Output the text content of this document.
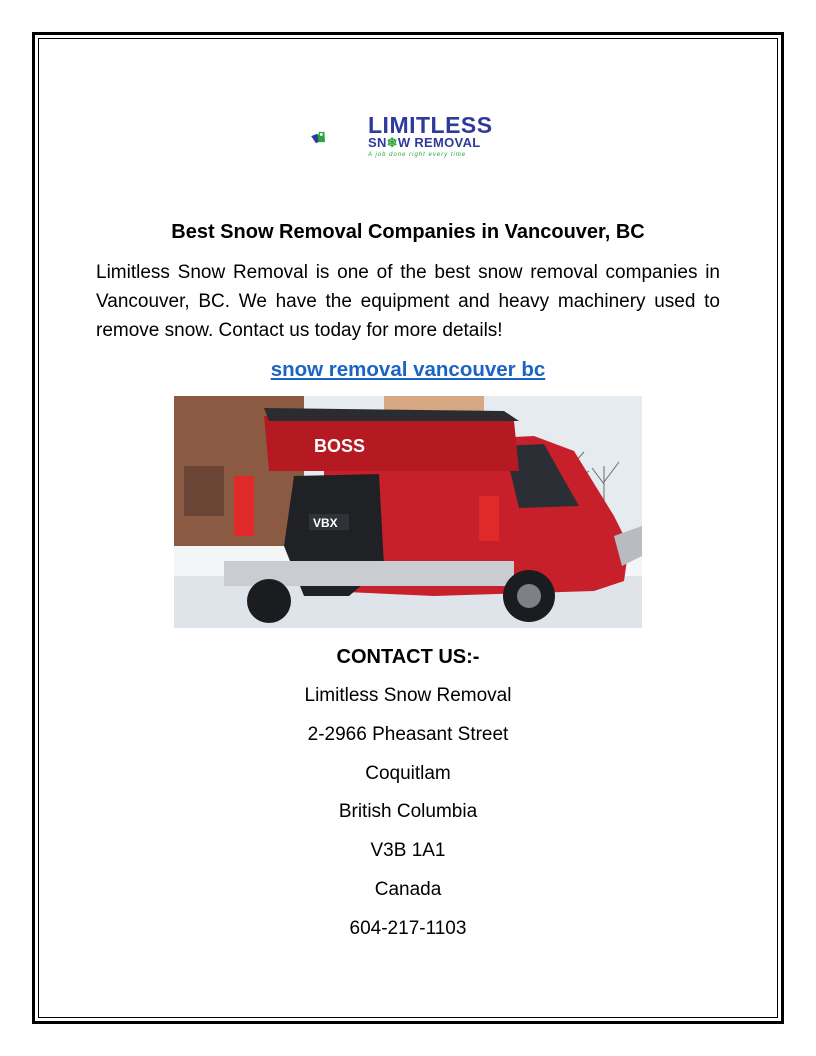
LIMITLESS
SN❄W REMOVAL
A job done right every time
Best Snow Removal Companies in Vancouver, BC

Limitless Snow Removal is one of the best snow removal companies in Vancouver, BC. We have the equipment and heavy machinery used to remove snow. Contact us today for more details!

snow removal vancouver bc
BOSS
VBX
CONTACT US:-
Limitless Snow Removal
2-2966 Pheasant Street
Coquitlam
British Columbia
V3B 1A1
Canada
604-217-1103
